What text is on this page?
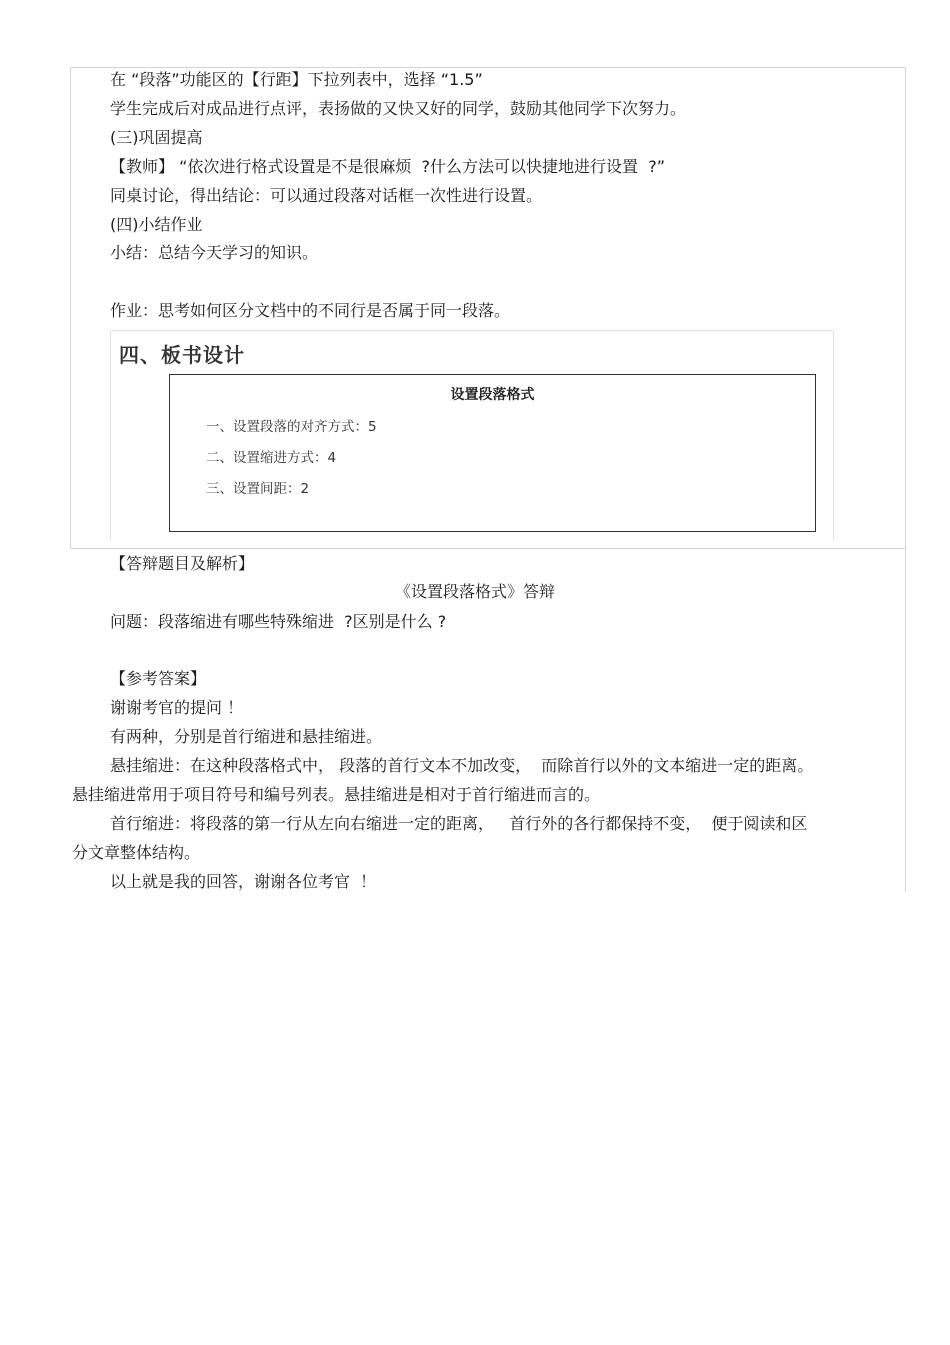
在 “段落”功能区的【行距】下拉列表中，选择 “1.5”
学生完成后对成品进行点评，表扬做的又快又好的同学，鼓励其他同学下次努力。
(三)巩固提高
【教师】 “依次进行格式设置是不是很麻烦  ?什么方法可以快捷地进行设置  ?”
同桌讨论，得出结论：可以通过段落对话框一次性进行设置。
(四)小结作业
小结：总结今天学习的知识。
作业：思考如何区分文档中的不同行是否属于同一段落。
四、板书设计
设置段落格式
一、设置段落的对齐方式：5
二、设置缩进方式：4
三、设置间距：2
【答辩题目及解析】
《设置段落格式》答辩
问题：段落缩进有哪些特殊缩进  ?区别是什么 ?
【参考答案】
谢谢考官的提问 ！
有两种，分别是首行缩进和悬挂缩进。
悬挂缩进：在这种段落格式中， 段落的首行文本不加改变，  而除首行以外的文本缩进一定的距离。
悬挂缩进常用于项目符号和编号列表。悬挂缩进是相对于首行缩进而言的。
首行缩进：将段落的第一行从左向右缩进一定的距离，   首行外的各行都保持不变，  便于阅读和区
分文章整体结构。
以上就是我的回答，谢谢各位考官  ！
